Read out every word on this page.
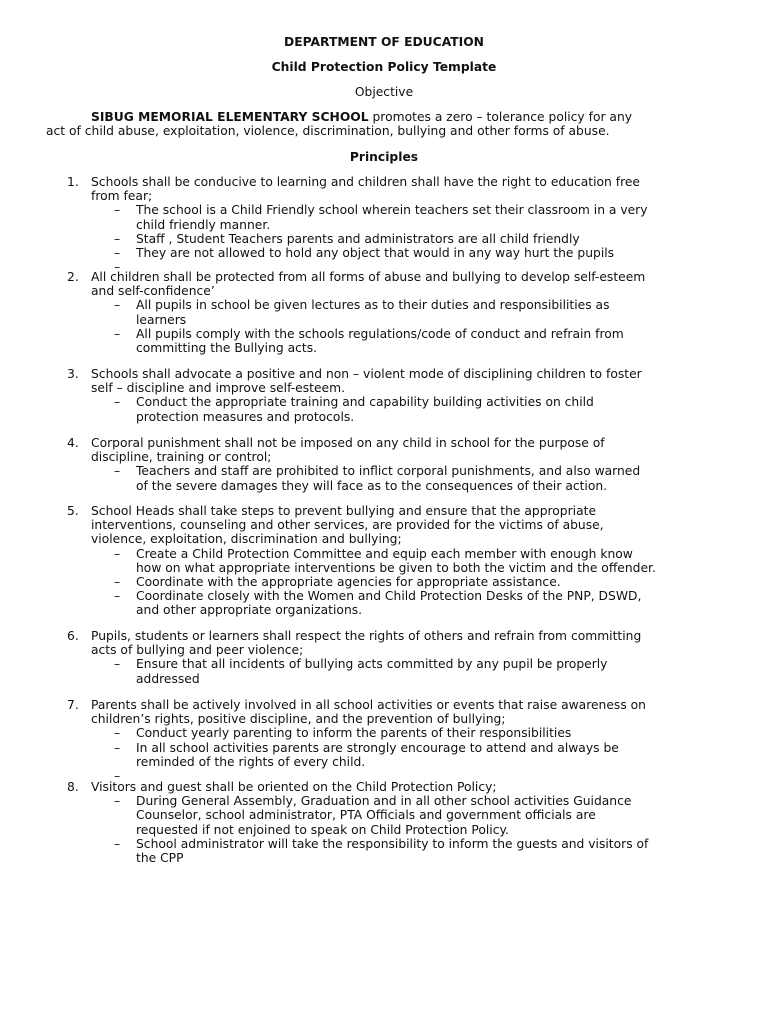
DEPARTMENT OF EDUCATION
Child Protection Policy Template
Objective
SIBUG MEMORIAL ELEMENTARY SCHOOL promotes a zero – tolerance policy for any
act of child abuse, exploitation, violence, discrimination, bullying and other forms of abuse.
Principles
1. Schools shall be conducive to learning and children shall have the right to education free
from fear;
– The school is a Child Friendly school wherein teachers set their classroom in a very
child friendly manner.
– Staff , Student Teachers parents and administrators are all child friendly
– They are not allowed to hold any object that would in any way hurt the pupils
–
2. All children shall be protected from all forms of abuse and bullying to develop self-esteem
and self-confidence’
– All pupils in school be given lectures as to their duties and responsibilities as
learners
– All pupils comply with the schools regulations/code of conduct and refrain from
committing the Bullying acts.
3. Schools shall advocate a positive and non – violent mode of disciplining children to foster
self – discipline and improve self-esteem.
– Conduct the appropriate training and capability building activities on child
protection measures and protocols.
4. Corporal punishment shall not be imposed on any child in school for the purpose of
discipline, training or control;
– Teachers and staff are prohibited to inflict corporal punishments, and also warned
of the severe damages they will face as to the consequences of their action.
5. School Heads shall take steps to prevent bullying and ensure that the appropriate
interventions, counseling and other services, are provided for the victims of abuse,
violence, exploitation, discrimination and bullying;
– Create a Child Protection Committee and equip each member with enough know
how on what appropriate interventions be given to both the victim and the offender.
– Coordinate with the appropriate agencies for appropriate assistance.
– Coordinate closely with the Women and Child Protection Desks of the PNP, DSWD,
and other appropriate organizations.
6. Pupils, students or learners shall respect the rights of others and refrain from committing
acts of bullying and peer violence;
– Ensure that all incidents of bullying acts committed by any pupil be properly
addressed
7. Parents shall be actively involved in all school activities or events that raise awareness on
children’s rights, positive discipline, and the prevention of bullying;
– Conduct yearly parenting to inform the parents of their responsibilities
– In all school activities parents are strongly encourage to attend and always be
reminded of the rights of every child.
–
8. Visitors and guest shall be oriented on the Child Protection Policy;
– During General Assembly, Graduation and in all other school activities Guidance
Counselor, school administrator, PTA Officials and government officials are
requested if not enjoined to speak on Child Protection Policy.
– School administrator will take the responsibility to inform the guests and visitors of
the CPP
